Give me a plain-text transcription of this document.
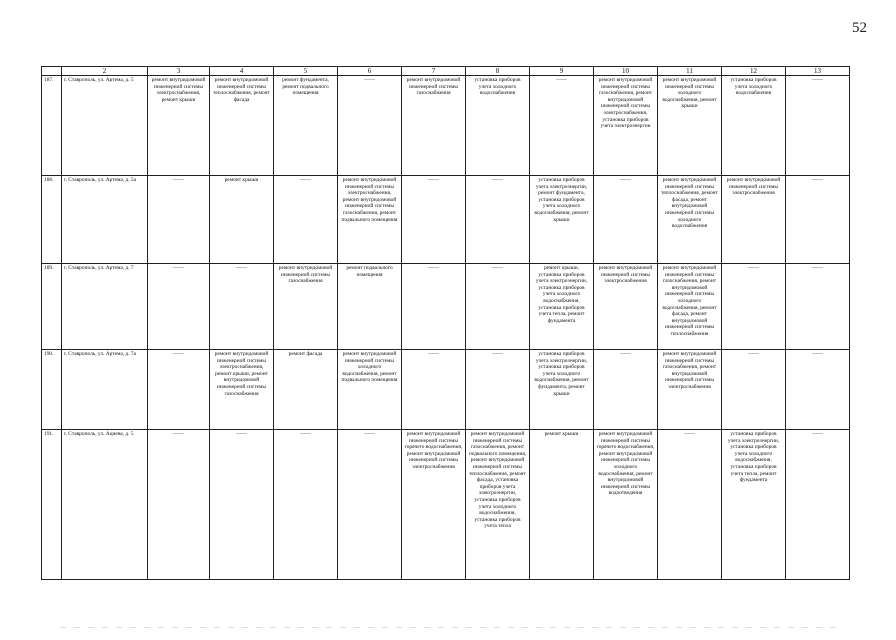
52
	2	3	4	5	6	7	8	9	10	11	12	13
187.	г. Ставрополь, ул. Артема, д. 5	ремонт внутридомовой инженерной системы электроснабжения, ремонт крыши	ремонт внутридомовой инженерной системы теплоснабжения, ремонт фасада	ремонт фундамента, ремонт подвального помещения	——	ремонт внутридомовой инженерной системы газоснабжения	установка приборов учета холодного водоснабжения	——	ремонт внутридомовой инженерной системы газоснабжения, ремонт внутридомовой инженерной системы электроснабжения, установка приборов учета электроэнергии	ремонт внутридомовой инженерной системы холодного водоснабжения, ремонт крыши	установка приборов учета холодного водоснабжения	——
188.	г. Ставрополь, ул. Артема, д. 5а	——	ремонт крыши	——	ремонт внутридомовой инженерной системы электроснабжения, ремонт внутридомовой инженерной системы газоснабжения, ремонт подвального помещения	——	——	установка приборов учета электроэнергии, ремонт фундамента, установка приборов учета холодного водоснабжения, ремонт крыши	——	ремонт внутридомовой инженерной системы теплоснабжения, ремонт фасада, ремонт внутридомовой инженерной системы холодного водоснабжения	ремонт внутридомовой инженерной системы электроснабжения	——
189.	г. Ставрополь, ул. Артема, д. 7	——	——	ремонт внутридомовой инженерной системы газоснабжения	ремонт подвального помещения	——	——	ремонт крыши, установка приборов учета электроэнергии, установка приборов учета холодного водоснабжения, установка приборов учета тепла, ремонт фундамента	ремонт внутридомовой инженерной системы электроснабжения	ремонт внутридомовой инженерной системы газоснабжения, ремонт внутридомовой инженерной системы холодного водоснабжения, ремонт фасада, ремонт внутридомовой инженерной системы теплоснабжения	——	——
190.	г. Ставрополь, ул. Артема, д. 7а	——	ремонт внутридомовой инженерной системы электроснабжения, ремонт крыши, ремонт внутридомовой инженерной системы газоснабжения	ремонт фасада	ремонт внутридомовой инженерной системы холодного водоснабжения, ремонт подвального помещения	——	——	установка приборов учета электроэнергии, установка приборов учета холодного водоснабжения, ремонт фундамента, ремонт крыши	——	ремонт внутридомовой инженерной системы газоснабжения, ремонт внутридомовой инженерной системы электроснабжения	——	——
191.	г. Ставрополь, ул. Ациева, д. 5	——	——	——	——	ремонт внутридомовой инженерной системы горячего водоснабжения, ремонт внутридомовой инженерной системы электроснабжения	ремонт внутридомовой инженерной системы газоснабжения, ремонт подвального помещения, ремонт внутридомовой инженерной системы теплоснабжения, ремонт фасада, установка приборов учета электроэнергии, установка приборов учета холодного водоснабжения, установка приборов учета тепла	ремонт крыши	ремонт внутридомовой инженерной системы горячего водоснабжения, ремонт внутридомовой инженерной системы холодного водоснабжения, ремонт внутридомовой инженерной системы водоотведения	——	установка приборов учета электроэнергии, установка приборов учета холодного водоснабжения, установка приборов учета тепла, ремонт фундамента	——
